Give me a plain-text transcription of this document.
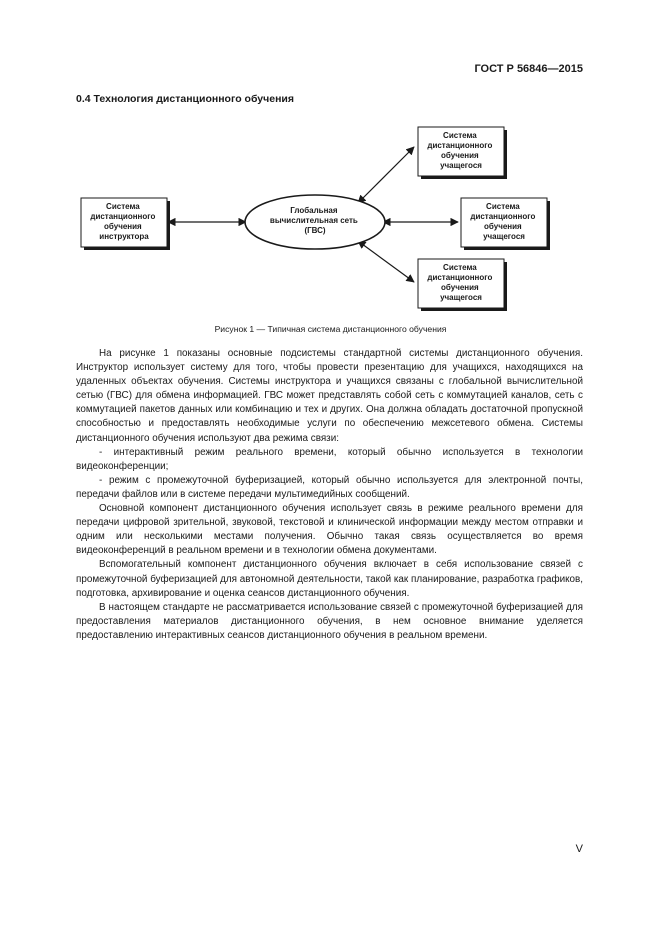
ГОСТ Р 56846—2015
0.4 Технология дистанционного обучения
Глобальная вычислительная сеть (ГВС)
Система дистанционного обучения инструктора
Система дистанционного обучения учащегося
Система дистанционного обучения учащегося
Система дистанционного обучения учащегося
Рисунок 1 — Типичная система дистанционного обучения

На рисунке 1 показаны основные подсистемы стандартной системы дистанционного обучения. Инструктор использует систему для того, чтобы провести презентацию для учащихся, находящихся на удаленных объектах обучения. Системы инструктора и учащихся связаны с глобальной вычислительной сетью (ГВС) для обмена информацией. ГВС может представлять собой сеть с коммутацией каналов, сеть с коммутацией пакетов данных или комбинацию и тех и других. Она должна обладать достаточной пропускной способностью и предоставлять необходимые услуги по обеспечению межсетевого обмена. Системы дистанционного обучения используют два режима связи:

- интерактивный режим реального времени, который обычно используется в технологии видеоконференции;

- режим с промежуточной буферизацией, который обычно используется для электронной почты, передачи файлов или в системе передачи мультимедийных сообщений.

Основной компонент дистанционного обучения использует связь в режиме реального времени для передачи цифровой зрительной, звуковой, текстовой и клинической информации между местом отправки и одним или несколькими местами получения. Обычно такая связь осуществляется во время видеоконференций в реальном времени и в технологии обмена документами.

Вспомогательный компонент дистанционного обучения включает в себя использование связей с промежуточной буферизацией для автономной деятельности, такой как планирование, разработка графиков, подготовка, архивирование и оценка сеансов дистанционного обучения.

В настоящем стандарте не рассматривается использование связей с промежуточной буферизацией для предоставления материалов дистанционного обучения, в нем основное внимание уделяется предоставлению интерактивных сеансов дистанционного обучения в реальном времени.

V
